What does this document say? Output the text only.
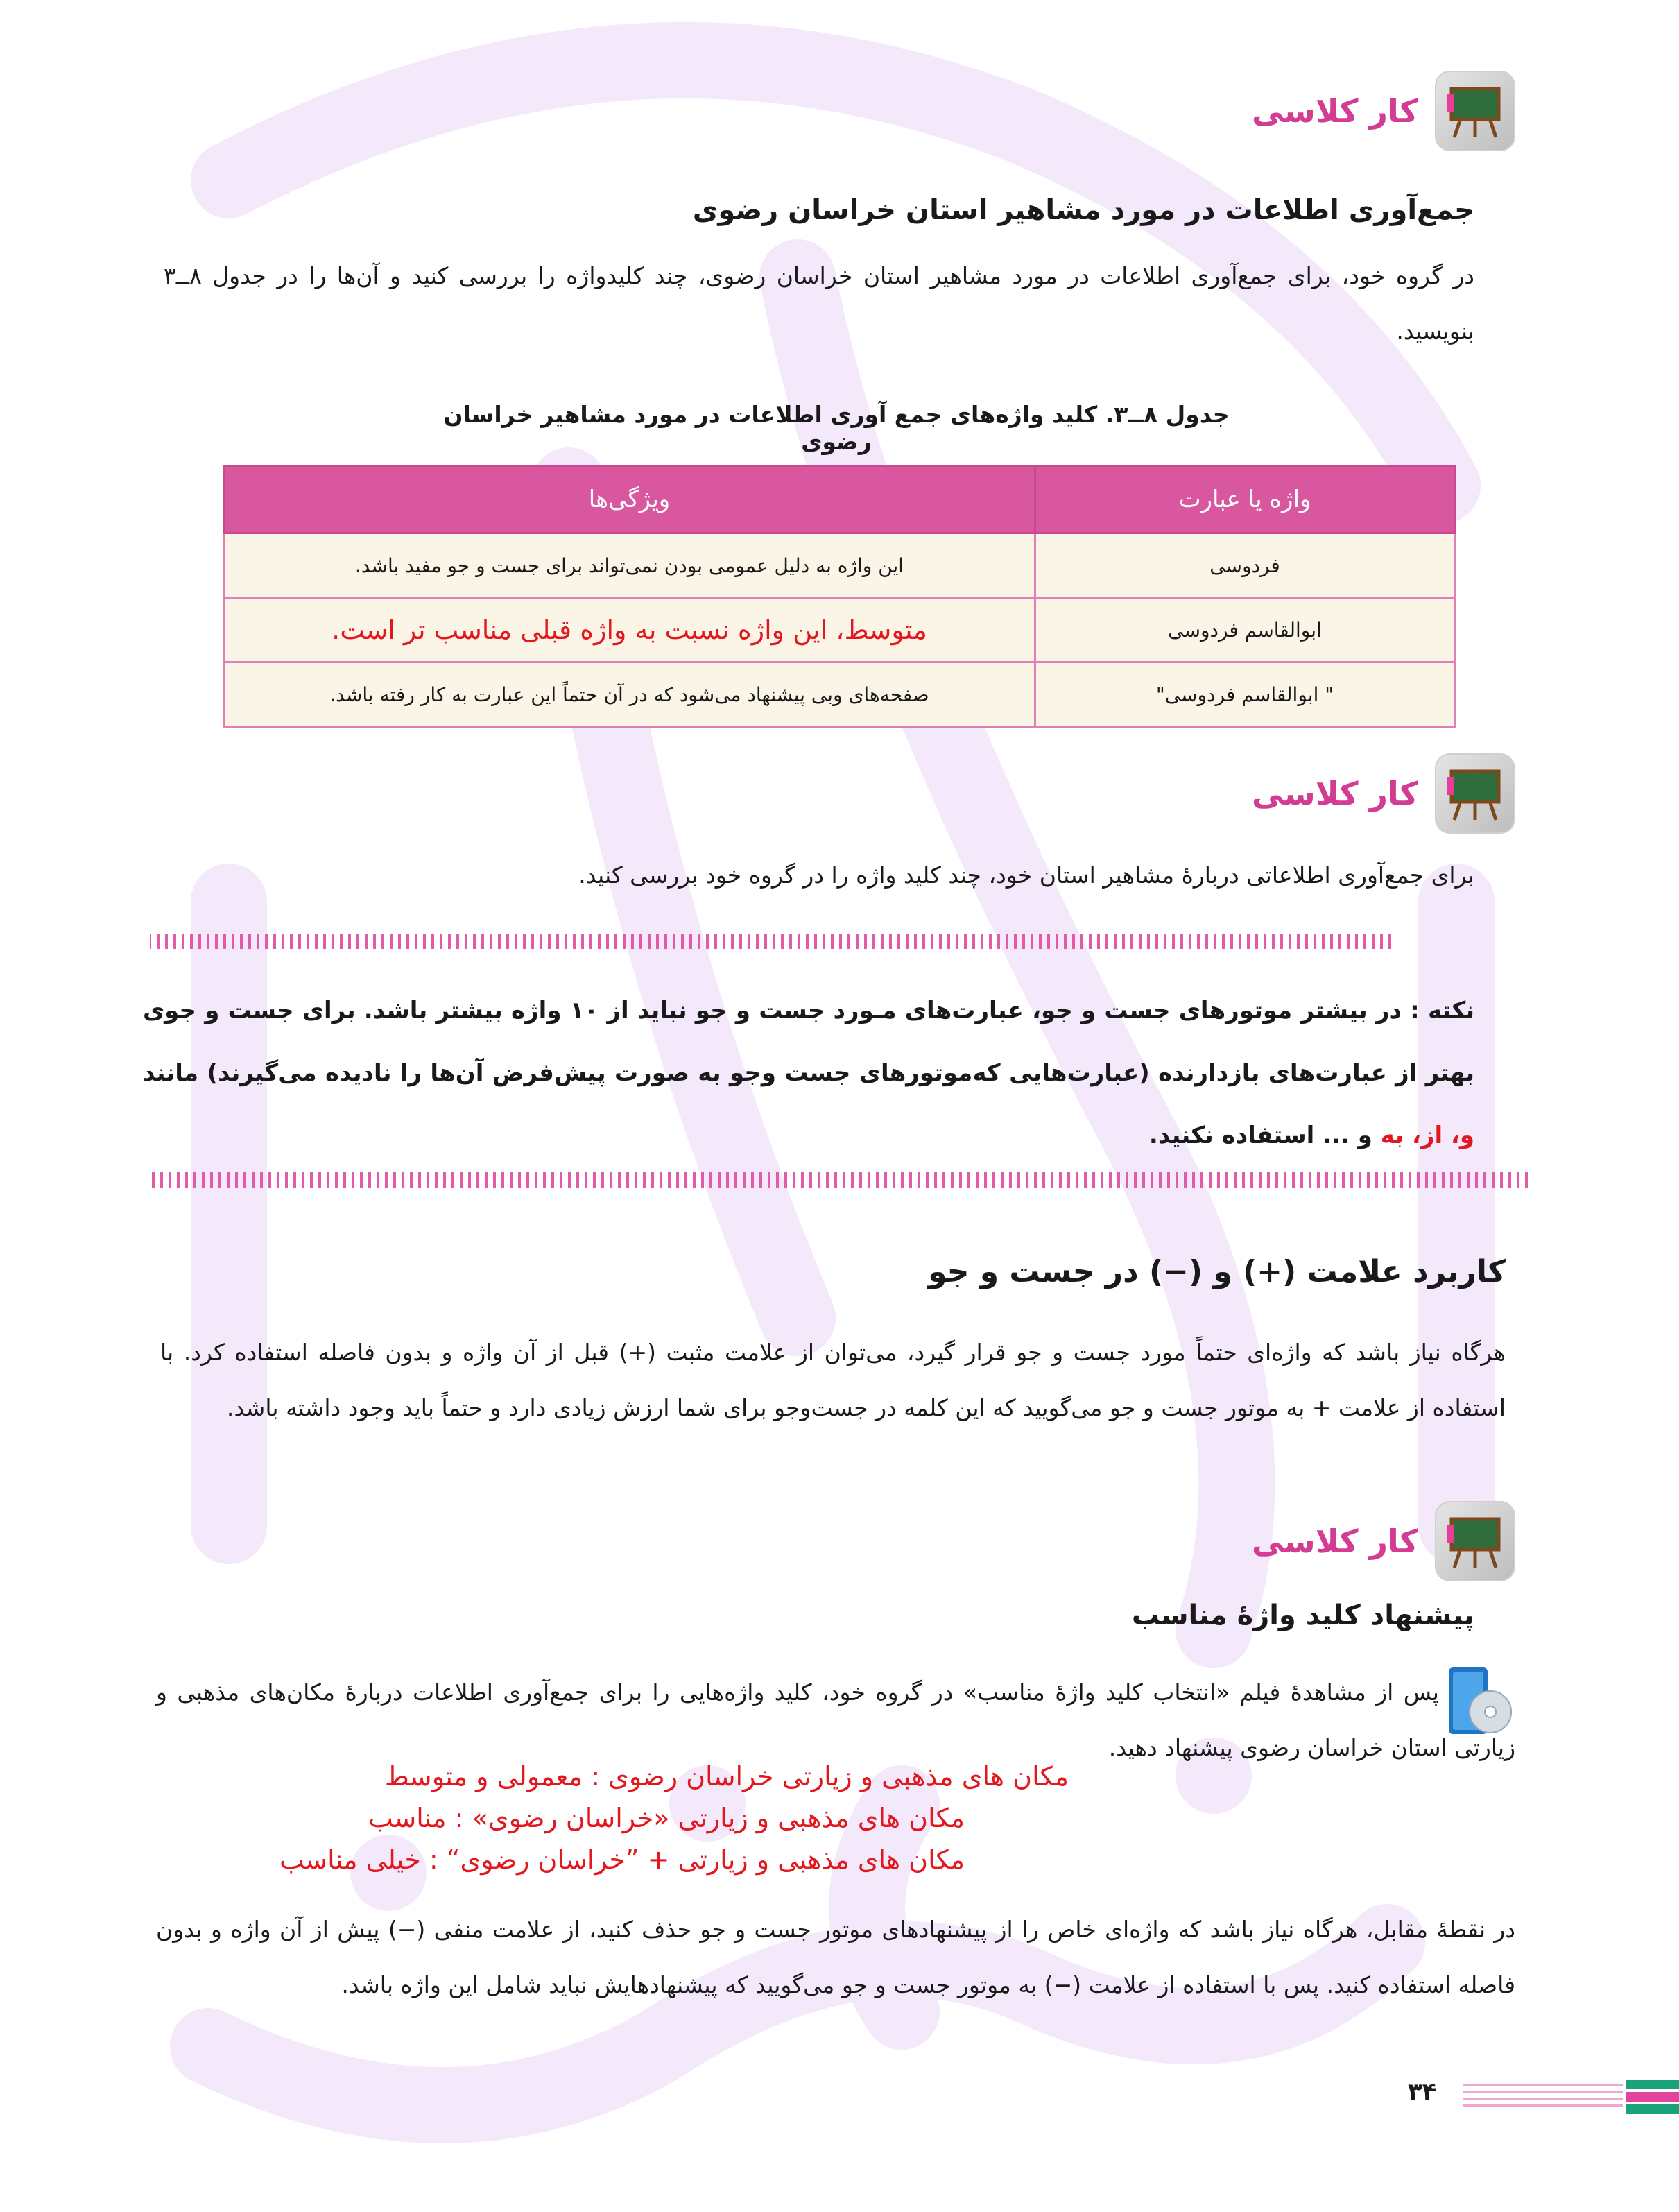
کار کلاسی
جمع‌آوری اطلاعات در مورد مشاهیر استان خراسان رضوی
در گروه خود، برای جمع‌آوری اطلاعات در مورد مشاهیر استان خراسان رضوی، چند کلیدواژه را بررسی کنید و آن‌ها را در جدول ۸ــ۳ بنویسید.
جدول ۸ــ۳. کلید واژه‌های جمع آوری اطلاعات در مورد مشاهیر خراسان رضوی
واژه یا عبارت	ویژگی‌ها
فردوسی	این واژه به دلیل عمومی بودن نمی‌تواند برای جست و جو مفید باشد.
ابوالقاسم فردوسی	متوسط، این واژه نسبت به واژه قبلی مناسب تر است.
" ابوالقاسم فردوسی"	صفحه‌های وبی پیشنهاد می‌شود که در آن حتماً این عبارت به کار رفته باشد.
کار کلاسی
برای جمع‌آوری اطلاعاتی دربارهٔ مشاهیر استان خود، چند کلید واژه را در گروه خود بررسی کنید.
نکته : در بیشتر موتورهای جست و جو، عبارت‌های مـورد جست و جو نباید از ۱۰ واژه بیشتر باشد. برای جست و جوی بهتر از عبارت‌های بازدارنده (عبارت‌هایی که‌موتورهای جست وجو به صورت پیش‌فرض آن‌ها را نادیده می‌گیرند) مانند و، از، به و ... استفاده نکنید.
کاربرد علامت (+) و (−) در جست و جو
هرگاه نیاز باشد که واژه‌ای حتماً مورد جست و جو قرار گیرد، می‌توان از علامت مثبت (+) قبل از آن واژه و بدون فاصله استفاده کرد. با استفاده از علامت + به موتور جست و جو می‌گویید که این کلمه در جست‌وجو برای شما ارزش زیادی دارد و حتماً باید وجود داشته باشد.
کار کلاسی
پیشنهاد کلید واژهٔ مناسب
پس از مشاهدهٔ فیلم «انتخاب کلید واژهٔ مناسب» در گروه خود، کلید واژه‌هایی را برای جمع‌آوری اطلاعات دربارهٔ مکان‌های مذهبی و زیارتی استان خراسان رضوی پیشنهاد دهید.
مکان های مذهبی و زیارتی خراسان رضوی : معمولی و متوسط
مکان های مذهبی و زیارتی «خراسان رضوی» : مناسب
مکان های مذهبی و زیارتی + ”خراسان رضوی“ : خیلی مناسب
در نقطهٔ مقابل، هرگاه نیاز باشد که واژه‌ای خاص را از پیشنهادهای موتور جست و جو حذف کنید، از علامت منفی (−) پیش از آن واژه و بدون فاصله استفاده کنید. پس با استفاده از علامت (−) به موتور جست و جو می‌گویید که پیشنهادهایش نباید شامل این واژه باشد.
۳۴
